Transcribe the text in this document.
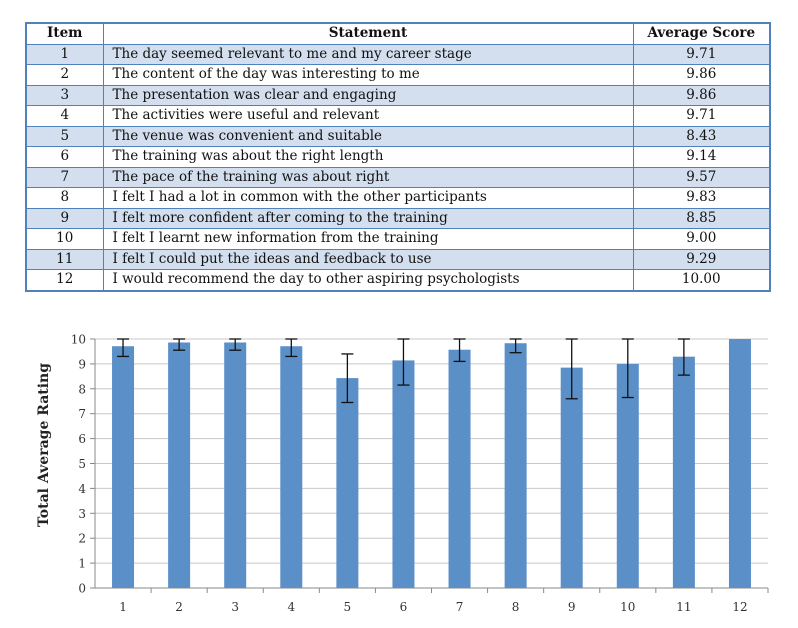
Item	Statement	Average Score
1	The day seemed relevant to me and my career stage	9.71
2	The content of the day was interesting to me	9.86
3	The presentation was clear and engaging	9.86
4	The activities were useful and relevant	9.71
5	The venue was convenient and suitable	8.43
6	The training was about the right length	9.14
7	The pace of the training was about right	9.57
8	I felt I had a lot in common with the other participants	9.83
9	I felt more confident after coming to the training	8.85
10	I felt I learnt new information from the training	9.00
11	I felt I could put the ideas and feedback to use	9.29
12	I would recommend the day to other aspiring psychologists	10.00
0
1
2
3
4
5
6
7
8
9
10
1	2	3	4	5	6	7	8	9	10	11	12
Total Average Rating
